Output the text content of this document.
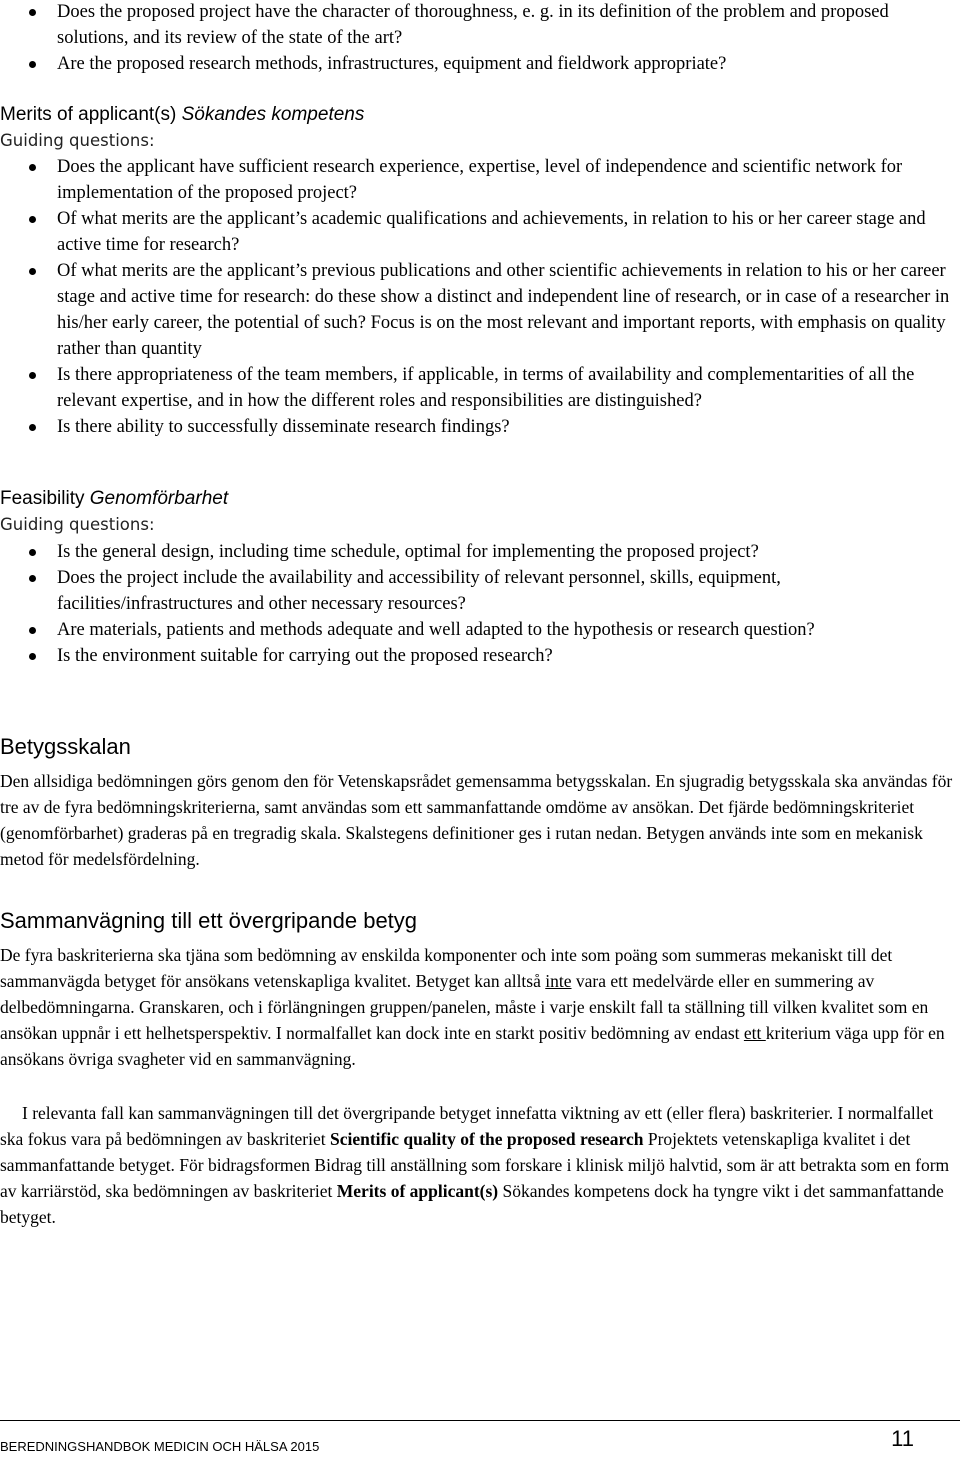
Does the proposed project have the character of thoroughness, e. g. in its definition of the problem and proposed solutions, and its review of the state of the art?
Are the proposed research methods, infrastructures, equipment and fieldwork appropriate?
Merits of applicant(s) Sökandes kompetens
Guiding questions:
Does the applicant have sufficient research experience, expertise, level of independence and scientific network for implementation of the proposed project?
Of what merits are the applicant’s academic qualifications and achievements, in relation to his or her career stage and active time for research?
Of what merits are the applicant’s previous publications and other scientific achievements in relation to his or her career stage and active time for research: do these show a distinct and independent line of research, or in case of a researcher in his/her early career, the potential of such? Focus is on the most relevant and important reports, with emphasis on quality rather than quantity
Is there appropriateness of the team members, if applicable, in terms of availability and complementarities of all the relevant expertise, and in how the different roles and responsibilities are distinguished?
Is there ability to successfully disseminate research findings?
Feasibility Genomförbarhet
Guiding questions:
Is the general design, including time schedule, optimal for implementing the proposed project?
Does the project include the availability and accessibility of relevant personnel, skills, equipment, facilities/infrastructures and other necessary resources?
Are materials, patients and methods adequate and well adapted to the hypothesis or research question?
Is the environment suitable for carrying out the proposed research?
Betygsskalan
Den allsidiga bedömningen görs genom den för Vetenskapsrådet gemensamma betygsskalan. En sjugradig betygsskala ska användas för tre av de fyra bedömningskriterierna, samt användas som ett sammanfattande omdöme av ansökan. Det fjärde bedömningskriteriet (genomförbarhet) graderas på en tregradig skala. Skalstegens definitioner ges i rutan nedan. Betygen används inte som en mekanisk metod för medelsfördelning.
Sammanvägning till ett övergripande betyg
De fyra baskriterierna ska tjäna som bedömning av enskilda komponenter och inte som poäng som summeras mekaniskt till det sammanvägda betyget för ansökans vetenskapliga kvalitet. Betyget kan alltså inte vara ett medelvärde eller en summering av delbedömningarna. Granskaren, och i förlängningen gruppen/panelen, måste i varje enskilt fall ta ställning till vilken kvalitet som en ansökan uppnår i ett helhetsperspektiv. I normalfallet kan dock inte en starkt positiv bedömning av endast ett kriterium väga upp för en ansökans övriga svagheter vid en sammanvägning.
I relevanta fall kan sammanvägningen till det övergripande betyget innefatta viktning av ett (eller flera) baskriterier. I normalfallet ska fokus vara på bedömningen av baskriteriet Scientific quality of the proposed research Projektets vetenskapliga kvalitet i det sammanfattande betyget. För bidragsformen Bidrag till anställning som forskare i klinisk miljö halvtid, som är att betrakta som en form av karriärstöd, ska bedömningen av baskriteriet Merits of applicant(s) Sökandes kompetens dock ha tyngre vikt i det sammanfattande betyget.
BEREDNINGSHANDBOK MEDICIN OCH HÄLSA 2015	11
